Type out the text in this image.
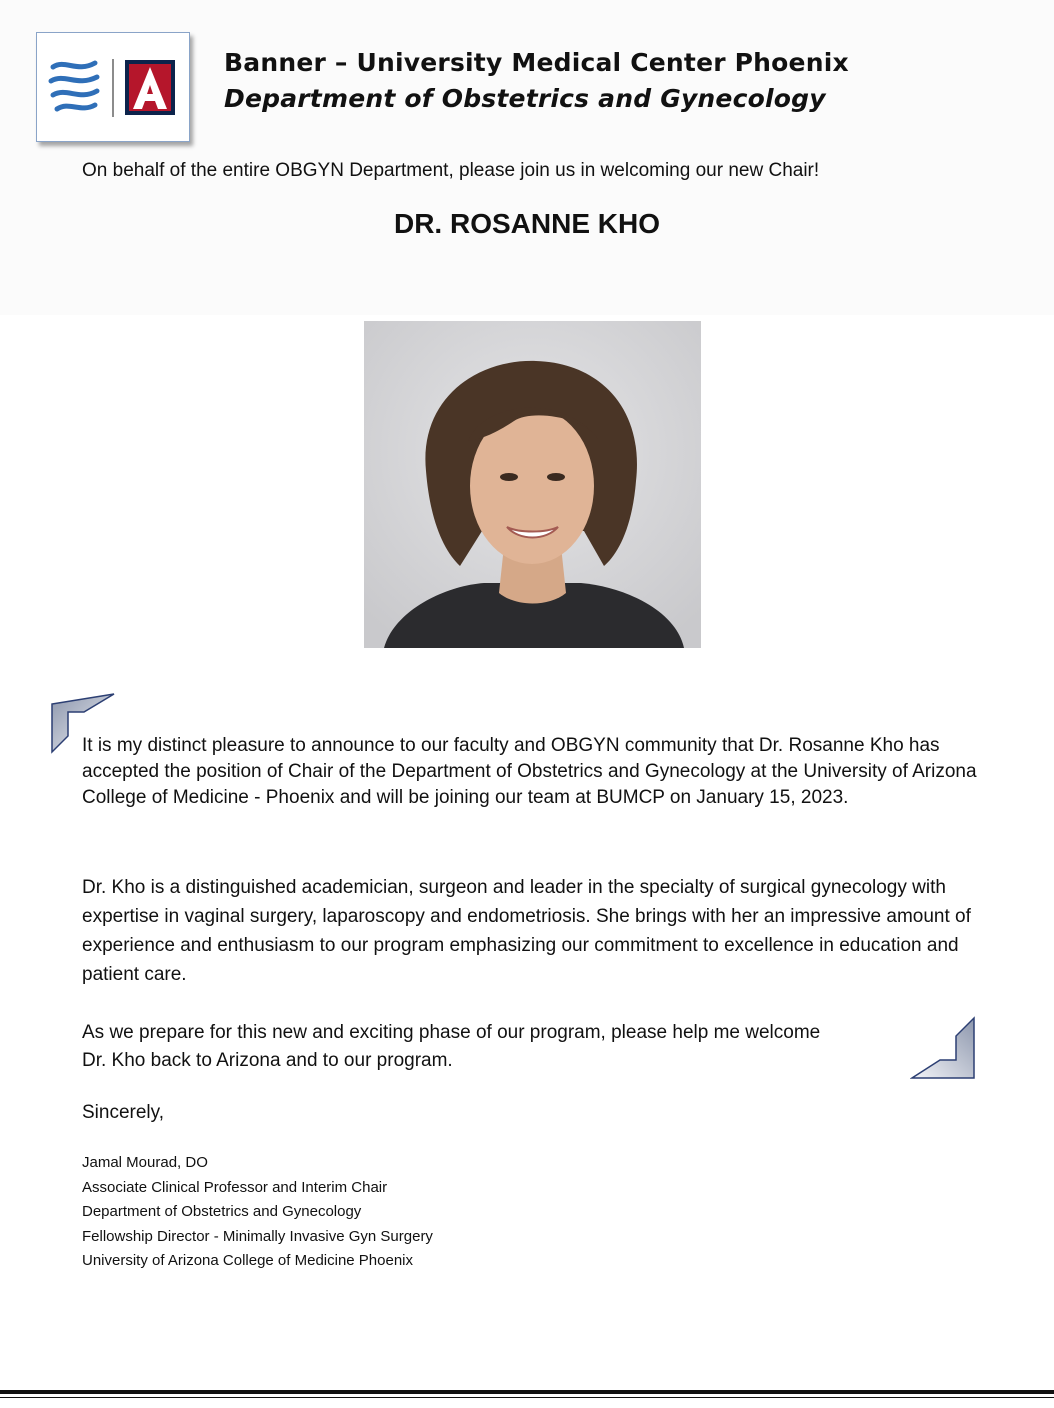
Banner – University Medical Center Phoenix
Department of Obstetrics and Gynecology
On behalf of the entire OBGYN Department, please join us in welcoming our new Chair!
DR. ROSANNE KHO
It is my distinct pleasure to announce to our faculty and OBGYN community that Dr. Rosanne Kho has accepted the position of Chair of the Department of Obstetrics and Gynecology at the University of Arizona College of Medicine - Phoenix and will be joining our team at BUMCP on January 15, 2023.
Dr. Kho is a distinguished academician, surgeon and leader in the specialty of surgical gynecology with expertise in vaginal surgery, laparoscopy and endometriosis. She brings with her an impressive amount of experience and enthusiasm to our program emphasizing our commitment to excellence in education and patient care.
As we prepare for this new and exciting phase of our program, please help me welcome
Dr. Kho back to Arizona and to our program.
Sincerely,
Jamal Mourad, DO
Associate Clinical Professor and Interim Chair
Department of Obstetrics and Gynecology
Fellowship Director - Minimally Invasive Gyn Surgery
University of Arizona College of Medicine Phoenix
